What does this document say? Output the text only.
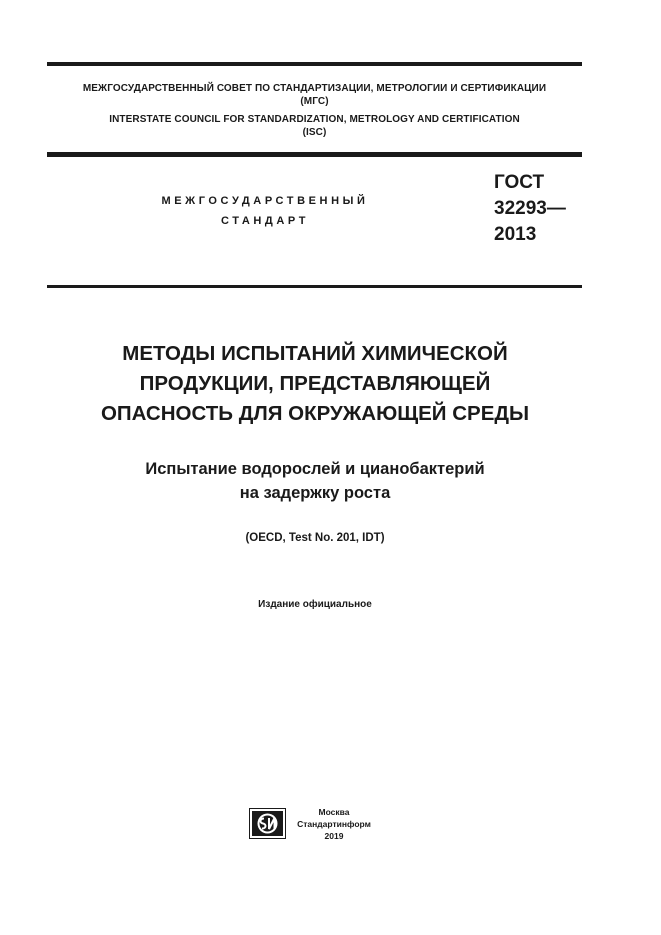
МЕЖГОСУДАРСТВЕННЫЙ СОВЕТ ПО СТАНДАРТИЗАЦИИ, МЕТРОЛОГИИ И СЕРТИФИКАЦИИ
(МГС)
INTERSTATE COUNCIL FOR STANDARDIZATION, METROLOGY AND CERTIFICATION
(ISC)
МЕЖГОСУДАРСТВЕННЫЙ
СТАНДАРТ
ГОСТ
32293—
2013
МЕТОДЫ ИСПЫТАНИЙ ХИМИЧЕСКОЙ
ПРОДУКЦИИ, ПРЕДСТАВЛЯЮЩЕЙ
ОПАСНОСТЬ ДЛЯ ОКРУЖАЮЩЕЙ СРЕДЫ
Испытание водорослей и цианобактерий
на задержку роста
(OECD, Test No. 201, IDT)
Издание официальное
Москва
Стандартинформ
2019
